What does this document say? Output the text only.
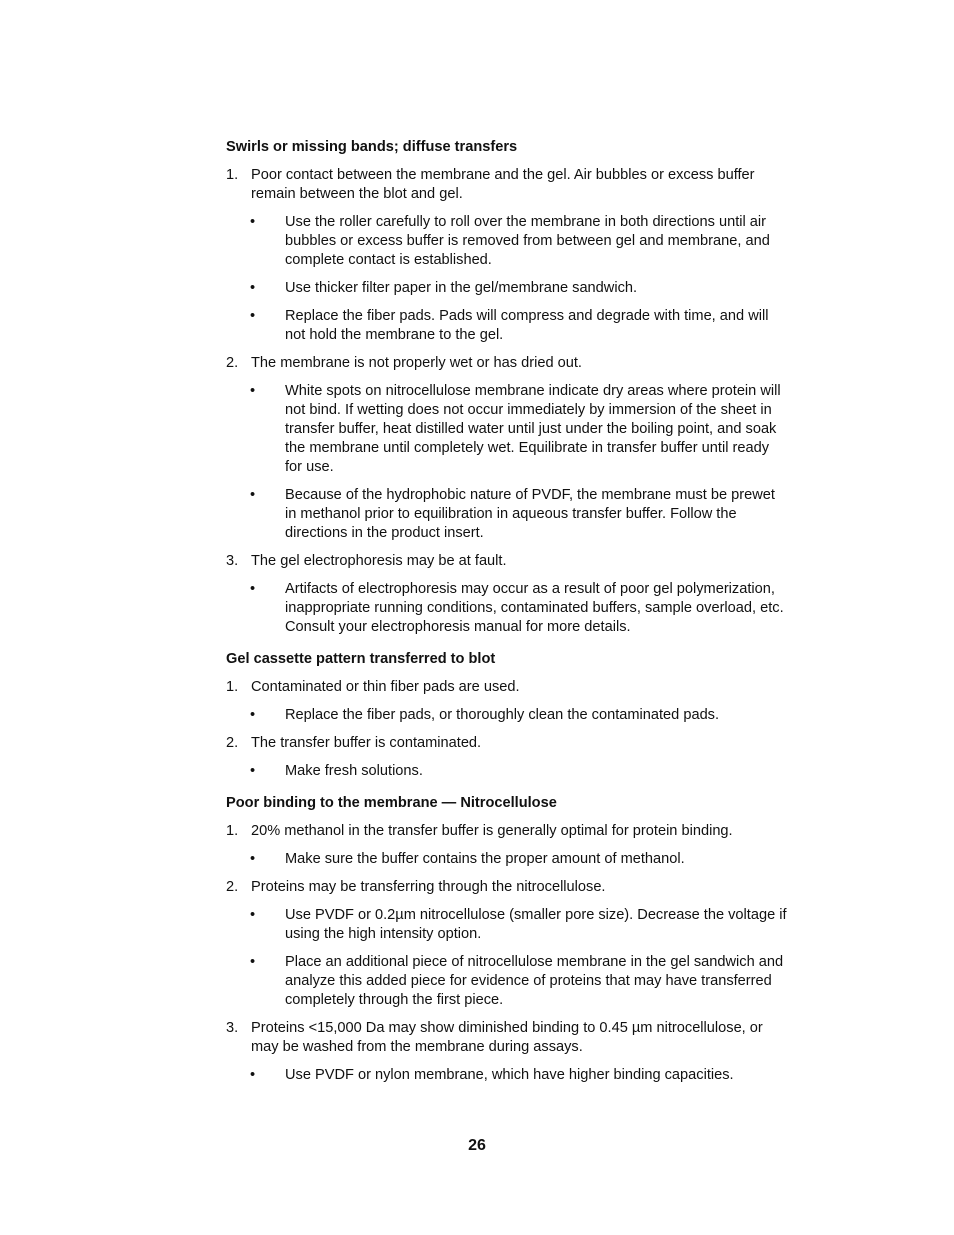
Swirls or missing bands; diffuse transfers
1. Poor contact between the membrane and the gel. Air bubbles or excess buffer remain between the blot and gel.
• Use the roller carefully to roll over the membrane in both directions until air bubbles or excess buffer is removed from between gel and membrane, and complete contact is established.
• Use thicker filter paper in the gel/membrane sandwich.
• Replace the fiber pads. Pads will compress and degrade with time, and will not hold the membrane to the gel.
2. The membrane is not properly wet or has dried out.
• White spots on nitrocellulose membrane indicate dry areas where protein will not bind. If wetting does not occur immediately by immersion of the sheet in transfer buffer, heat distilled water until just under the boiling point, and soak the membrane until completely wet. Equilibrate in transfer buffer until ready for use.
• Because of the hydrophobic nature of PVDF, the membrane must be prewet in methanol prior to equilibration in aqueous transfer buffer. Follow the directions in the product insert.
3. The gel electrophoresis may be at fault.
• Artifacts of electrophoresis may occur as a result of poor gel polymerization, inappropriate running conditions, contaminated buffers, sample overload, etc. Consult your electrophoresis manual for more details.
Gel cassette pattern transferred to blot
1. Contaminated or thin fiber pads are used.
• Replace the fiber pads, or thoroughly clean the contaminated pads.
2. The transfer buffer is contaminated.
• Make fresh solutions.
Poor binding to the membrane — Nitrocellulose
1. 20% methanol in the transfer buffer is generally optimal for protein binding.
• Make sure the buffer contains the proper amount of methanol.
2. Proteins may be transferring through the nitrocellulose.
• Use PVDF or 0.2µm nitrocellulose (smaller pore size). Decrease the voltage if using the high intensity option.
• Place an additional piece of nitrocellulose membrane in the gel sandwich and analyze this added piece for evidence of proteins that may have transferred completely through the first piece.
3. Proteins <15,000 Da may show diminished binding to 0.45 µm nitrocellulose, or may be washed from the membrane during assays.
• Use PVDF or nylon membrane, which have higher binding capacities.
26
